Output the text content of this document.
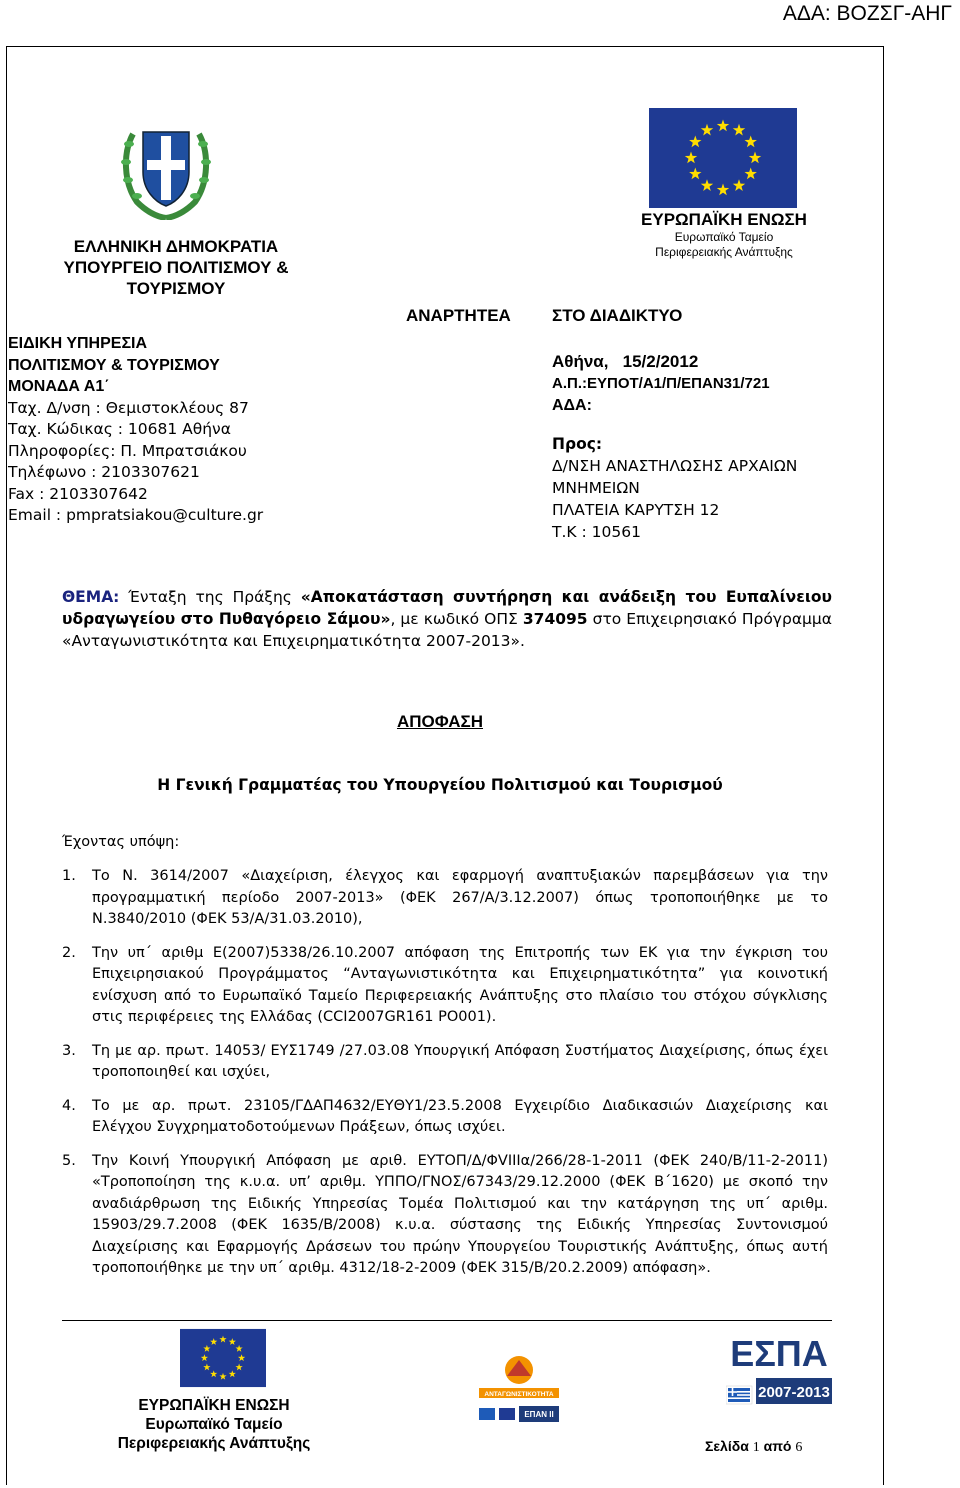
ΑΔΑ: ΒΟΖΣΓ-ΑΗΓ
ΕΛΛΗΝΙΚΗ ΔΗΜΟΚΡΑΤΙΑ
ΥΠΟΥΡΓΕΙΟ ΠΟΛΙΤΙΣΜΟΥ &
ΤΟΥΡΙΣΜΟΥ
ΕΙΔΙΚΗ ΥΠΗΡΕΣΙΑ
ΠΟΛΙΤΙΣΜΟΥ & ΤΟΥΡΙΣΜΟΥ
ΜΟΝΑΔΑ Α1΄
Ταχ. Δ/νση : Θεμιστοκλέους 87
Ταχ. Κώδικας : 10681 Αθήνα
Πληροφορίες: Π. Μπρατσιάκου
Τηλέφωνο : 2103307621
Fax : 2103307642
Email : pmpratsiakou@culture.gr
ΕΥΡΩΠΑΪΚΗ ΕΝΩΣΗ
Ευρωπαϊκό Ταμείο
Περιφερειακής Ανάπτυξης
ΑΝΑΡΤΗΤΕΑ ΣΤΟ ΔΙΑΔΙΚΤΥΟ
Αθήνα,   15/2/2012
Α.Π.:ΕΥΠΟΤ/Α1/Π/ΕΠΑΝ31/721
ΑΔΑ:
Προς:
Δ/ΝΣΗ ΑΝΑΣΤΗΛΩΣΗΣ ΑΡΧΑΙΩΝ
ΜΝΗΜΕΙΩΝ
ΠΛΑΤΕΙΑ ΚΑΡΥΤΣΗ 12
Τ.Κ : 10561
ΘΕΜΑ: Ένταξη της Πράξης «Αποκατάσταση συντήρηση και ανάδειξη του Ευπαλίνειου υδραγωγείου στο Πυθαγόρειο Σάμου», με κωδικό ΟΠΣ 374095 στο Επιχειρησιακό Πρόγραμμα «Ανταγωνιστικότητα και Επιχειρηματικότητα 2007-2013».
ΑΠΟΦΑΣΗ
Η Γενική Γραμματέας του Υπουργείου Πολιτισμού και Τουρισμού
Έχοντας υπόψη:
1. Το Ν. 3614/2007 «Διαχείριση, έλεγχος και εφαρμογή αναπτυξιακών παρεμβάσεων για την προγραμματική περίοδο 2007-2013» (ΦΕΚ 267/Α/3.12.2007) όπως τροποποιήθηκε με το Ν.3840/2010 (ΦΕΚ 53/Α/31.03.2010),
2. Την υπ΄ αριθμ Ε(2007)5338/26.10.2007 απόφαση της Επιτροπής των ΕΚ για την έγκριση του Επιχειρησιακού Προγράμματος “Ανταγωνιστικότητα και Επιχειρηματικότητα” για κοινοτική ενίσχυση από το Ευρωπαϊκό Ταμείο Περιφερειακής Ανάπτυξης στο πλαίσιο του στόχου σύγκλισης στις περιφέρειες της Ελλάδας (CCI2007GR161 PO001).
3. Τη με αρ. πρωτ. 14053/ ΕΥΣ1749 /27.03.08 Υπουργική Απόφαση Συστήματος Διαχείρισης, όπως έχει τροποποιηθεί και ισχύει,
4. Το με αρ. πρωτ. 23105/ΓΔΑΠ4632/ΕΥΘΥ1/23.5.2008 Εγχειρίδιο Διαδικασιών Διαχείρισης και Ελέγχου Συγχρηματοδοτούμενων Πράξεων, όπως ισχύει.
5. Την Κοινή Υπουργική Απόφαση με αριθ. ΕΥΤΟΠ/Δ/ΦVIIIα/266/28-1-2011 (ΦΕΚ 240/Β/11-2-2011) «Τροποποίηση της κ.υ.α. υπ’ αριθμ. ΥΠΠΟ/ΓΝΟΣ/67343/29.12.2000 (ΦΕΚ Β΄1620) με σκοπό την αναδιάρθρωση της Ειδικής Υπηρεσίας Τομέα Πολιτισμού και την κατάργηση της υπ΄ αριθμ. 15903/29.7.2008 (ΦΕΚ 1635/Β/2008) κ.υ.α. σύστασης της Ειδικής Υπηρεσίας Συντονισμού Διαχείρισης και Εφαρμογής Δράσεων του πρώην Υπουργείου Τουριστικής Ανάπτυξης, όπως αυτή τροποποιήθηκε με την υπ΄ αριθμ. 4312/18-2-2009 (ΦΕΚ 315/Β/20.2.2009) απόφαση».
ΕΥΡΩΠΑΪΚΗ ΕΝΩΣΗ
Ευρωπαϊκό Ταμείο
Περιφερειακής Ανάπτυξης
ΕΣΠΑ
2007-2013
ΑΝΤΑΓΩΝΙΣΤΙΚΟΤΗΤΑ
ΕΠΑΝ II
Σελίδα 1 από 6
